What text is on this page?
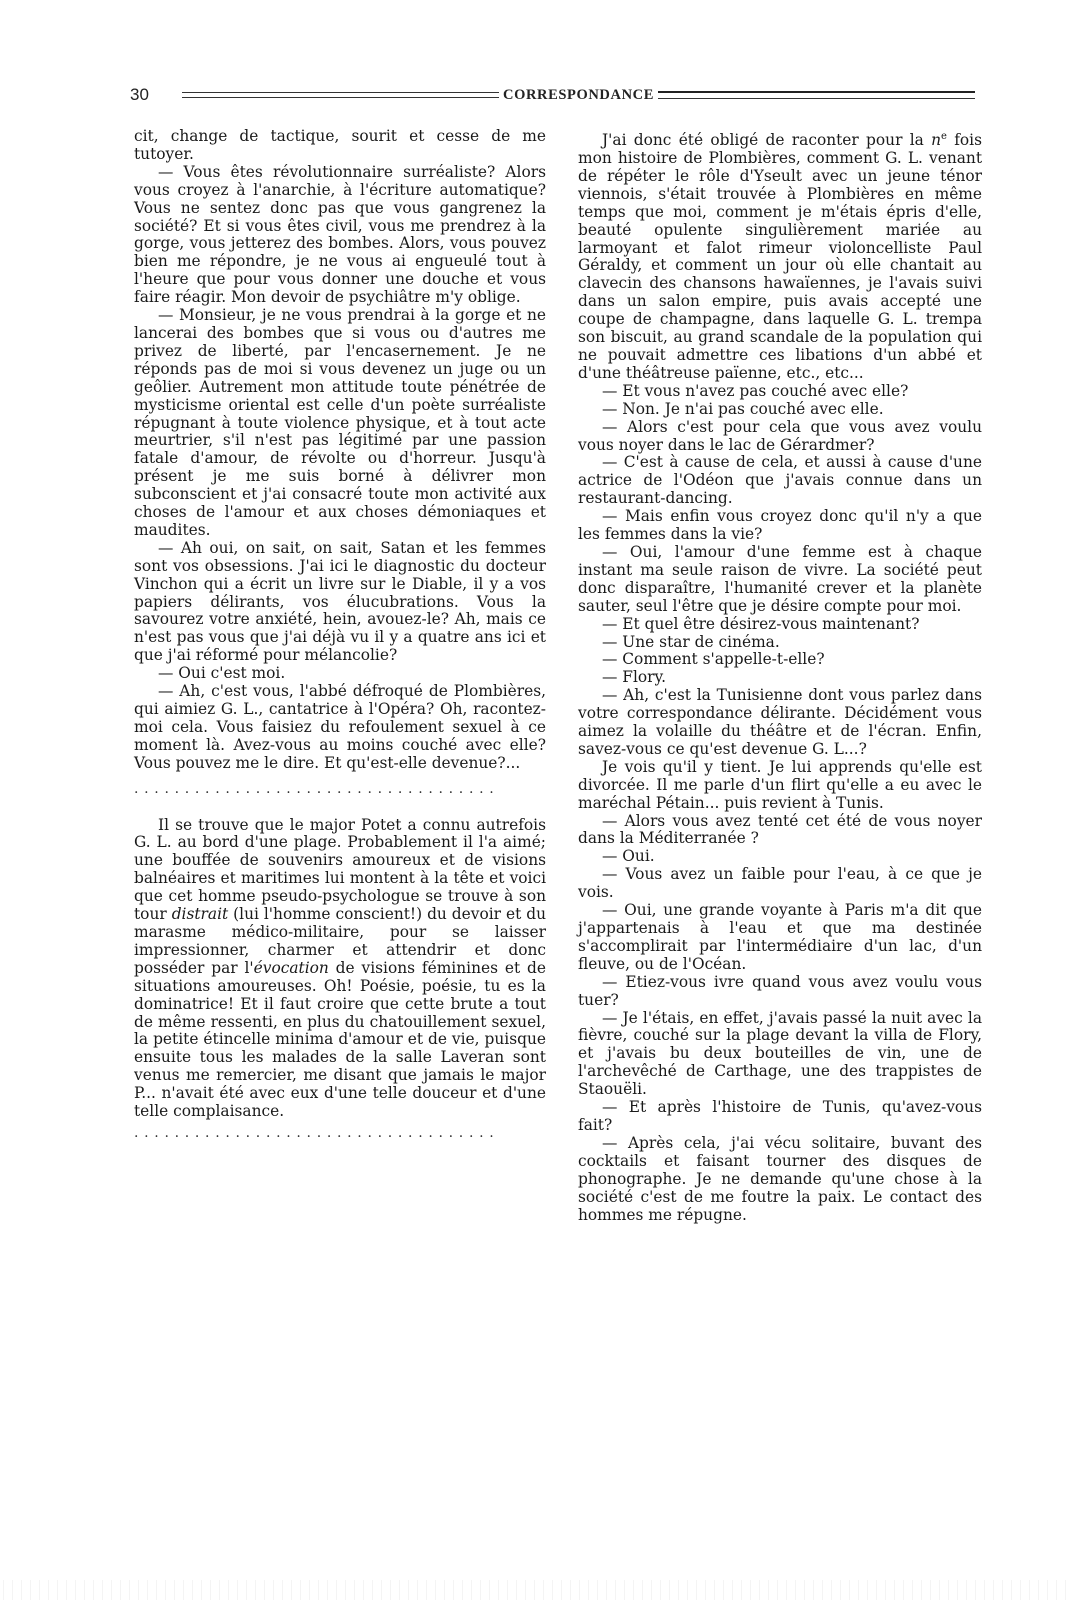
30	CORRESPONDANCE

cit, change de tactique, sourit et cesse de me tutoyer.

— Vous êtes révolutionnaire surréaliste? Alors vous croyez à l'anarchie, à l'écriture automatique? Vous ne sentez donc pas que vous gangrenez la société? Et si vous êtes civil, vous me prendrez à la gorge, vous jetterez des bombes. Alors, vous pouvez bien me répondre, je ne vous ai engueulé tout à l'heure que pour vous donner une douche et vous faire réagir. Mon devoir de psychiâtre m'y oblige.

— Monsieur, je ne vous prendrai à la gorge et ne lancerai des bombes que si vous ou d'autres me privez de liberté, par l'encasernement. Je ne réponds pas de moi si vous devenez un juge ou un geôlier. Autrement mon attitude toute pénétrée de mysticisme oriental est celle d'un poète surréaliste répugnant à toute violence physique, et à tout acte meurtrier, s'il n'est pas légitimé par une passion fatale d'amour, de révolte ou d'horreur. Jusqu'à présent je me suis borné à délivrer mon subconscient et j'ai consacré toute mon activité aux choses de l'amour et aux choses démoniaques et maudites.

— Ah oui, on sait, on sait, Satan et les femmes sont vos obsessions. J'ai ici le diagnostic du docteur Vinchon qui a écrit un livre sur le Diable, il y a vos papiers délirants, vos élucubrations. Vous la savourez votre anxiété, hein, avouez-le? Ah, mais ce n'est pas vous que j'ai déjà vu il y a quatre ans ici et que j'ai réformé pour mélancolie?

— Oui c'est moi.

— Ah, c'est vous, l'abbé défroqué de Plombières, qui aimiez G. L., cantatrice à l'Opéra? Oh, racontez-moi cela. Vous faisiez du refoulement sexuel à ce moment là. Avez-vous au moins couché avec elle? Vous pouvez me le dire. Et qu'est-elle devenue?...

....................................

Il se trouve que le major Potet a connu autrefois G. L. au bord d'une plage. Probablement il l'a aimé; une bouffée de souvenirs amoureux et de visions balnéaires et maritimes lui montent à la tête et voici que cet homme pseudo-psychologue se trouve à son tour distrait (lui l'homme conscient!) du devoir et du marasme médico-militaire, pour se laisser impressionner, charmer et attendrir et donc posséder par l'évocation de visions féminines et de situations amoureuses. Oh! Poésie, poésie, tu es la dominatrice! Et il faut croire que cette brute a tout de même ressenti, en plus du chatouillement sexuel, la petite étincelle minima d'amour et de vie, puisque ensuite tous les malades de la salle Laveran sont venus me remercier, me disant que jamais le major P... n'avait été avec eux d'une telle douceur et d'une telle complaisance.

....................................

J'ai donc été obligé de raconter pour la $n^e$ fois mon histoire de Plombières, comment G. L. venant de répéter le rôle d'Yseult avec un jeune ténor viennois, s'était trouvée à Plombières en même temps que moi, comment je m'étais épris d'elle, beauté opulente singulièrement mariée au larmoyant et falot rimeur violoncelliste Paul Géraldy, et comment un jour où elle chantait au clavecin des chansons hawaïennes, je l'avais suivi dans un salon empire, puis avais accepté une coupe de champagne, dans laquelle G. L. trempa son biscuit, au grand scandale de la population qui ne pouvait admettre ces libations d'un abbé et d'une théâtreuse païenne, etc., etc...

— Et vous n'avez pas couché avec elle?

— Non. Je n'ai pas couché avec elle.

— Alors c'est pour cela que vous avez voulu vous noyer dans le lac de Gérardmer?

— C'est à cause de cela, et aussi à cause d'une actrice de l'Odéon que j'avais connue dans un restaurant-dancing.

— Mais enfin vous croyez donc qu'il n'y a que les femmes dans la vie?

— Oui, l'amour d'une femme est à chaque instant ma seule raison de vivre. La société peut donc disparaître, l'humanité crever et la planète sauter, seul l'être que je désire compte pour moi.

— Et quel être désirez-vous maintenant?

— Une star de cinéma.

— Comment s'appelle-t-elle?

— Flory.

— Ah, c'est la Tunisienne dont vous parlez dans votre correspondance délirante. Décidément vous aimez la volaille du théâtre et de l'écran. Enfin, savez-vous ce qu'est devenue G. L...?

Je vois qu'il y tient. Je lui apprends qu'elle est divorcée. Il me parle d'un flirt qu'elle a eu avec le maréchal Pétain... puis revient à Tunis.

— Alors vous avez tenté cet été de vous noyer dans la Méditerranée ?

— Oui.

— Vous avez un faible pour l'eau, à ce que je vois.

— Oui, une grande voyante à Paris m'a dit que j'appartenais à l'eau et que ma destinée s'accomplirait par l'intermédiaire d'un lac, d'un fleuve, ou de l'Océan.

— Etiez-vous ivre quand vous avez voulu vous tuer?

— Je l'étais, en effet, j'avais passé la nuit avec la fièvre, couché sur la plage devant la villa de Flory, et j'avais bu deux bouteilles de vin, une de l'archevêché de Carthage, une des trappistes de Staouëli.

— Et après l'histoire de Tunis, qu'avez-vous fait?

— Après cela, j'ai vécu solitaire, buvant des cocktails et faisant tourner des disques de phonographe. Je ne demande qu'une chose à la société c'est de me foutre la paix. Le contact des hommes me répugne.
